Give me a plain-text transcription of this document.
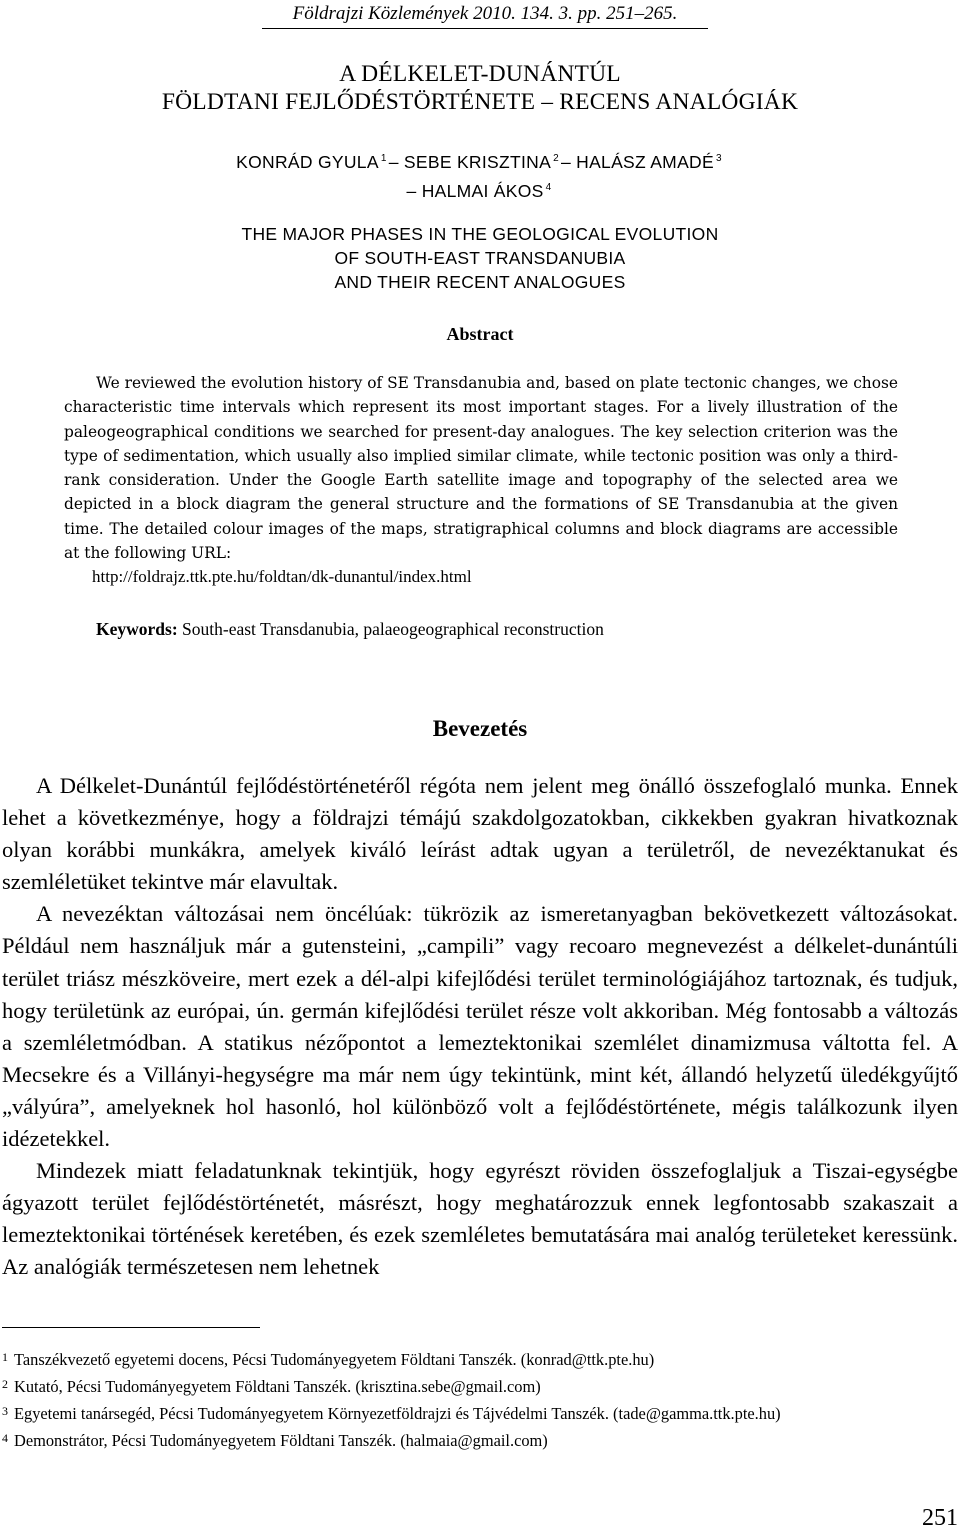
Földrajzi Közlemények 2010. 134. 3. pp. 251–265.
A DÉLKELET-DUNÁNTÚL
FÖLDTANI FEJLŐDÉSTÖRTÉNETE – RECENS ANALÓGIÁK
KONRÁD GYULA $^1$ – SEBE KRISZTINA $^2$ – HALÁSZ AMADÉ $^3$
– HALMAI ÁKOS $^4$
THE MAJOR PHASES IN THE GEOLOGICAL EVOLUTION
OF SOUTH-EAST TRANSDANUBIA
AND THEIR RECENT ANALOGUES
Abstract

We reviewed the evolution history of SE Transdanubia and, based on plate tectonic changes, we chose characteristic time intervals which represent its most important stages. For a lively illustration of the paleogeographical conditions we searched for present-day analogues. The key selection criterion was the type of sedimentation, which usually also implied similar climate, while tectonic position was only a third-rank consideration. Under the Google Earth satellite image and topography of the selected area we depicted in a block diagram the general structure and the formations of SE Transdanubia at the given time. The detailed colour images of the maps, stratigraphical columns and block diagrams are accessible at the following URL:

http://foldrajz.ttk.pte.hu/foldtan/dk-dunantul/index.html
Keywords: South-east Transdanubia, palaeogeographical reconstruction
Bevezetés

A Délkelet-Dunántúl fejlődéstörténetéről régóta nem jelent meg önálló összefoglaló munka. Ennek lehet a következménye, hogy a földrajzi témájú szakdolgozatokban, cikkekben gyakran hivatkoznak olyan korábbi munkákra, amelyek kiváló leírást adtak ugyan a területről, de nevezéktanukat és szemléletüket tekintve már elavultak.

A nevezéktan változásai nem öncélúak: tükrözik az ismeretanyagban bekövetkezett változásokat. Például nem használjuk már a gutensteini, „campili” vagy recoaro megnevezést a délkelet-dunántúli terület triász mészköveire, mert ezek a dél-alpi kifejlődési terület terminológiájához tartoznak, és tudjuk, hogy területünk az európai, ún. germán kifejlődési terület része volt akkoriban. Még fontosabb a változás a szemléletmódban. A statikus nézőpontot a lemeztektonikai szemlélet dinamizmusa váltotta fel. A Mecsekre és a Villányi-hegységre ma már nem úgy tekintünk, mint két, állandó helyzetű üledékgyűjtő „vályúra”, amelyeknek hol hasonló, hol különböző volt a fejlődéstörténete, mégis találkozunk ilyen idézetekkel.

Mindezek miatt feladatunknak tekintjük, hogy egyrészt röviden összefoglaljuk a Tiszai-egységbe ágyazott terület fejlődéstörténetét, másrészt, hogy meghatározzuk ennek legfontosabb szakaszait a lemeztektonikai történések keretében, és ezek szemléletes bemutatására mai analóg területeket keressünk. Az analógiák természetesen nem lehetnek

$^1$ Tanszékvezető egyetemi docens, Pécsi Tudományegyetem Földtani Tanszék. (konrad@ttk.pte.hu)

$^2$ Kutató, Pécsi Tudományegyetem Földtani Tanszék. (krisztina.sebe@gmail.com)

$^3$ Egyetemi tanársegéd, Pécsi Tudományegyetem Környezetföldrajzi és Tájvédelmi Tanszék. (tade@gamma.ttk.pte.hu)

$^4$ Demonstrátor, Pécsi Tudományegyetem Földtani Tanszék. (halmaia@gmail.com)

251
